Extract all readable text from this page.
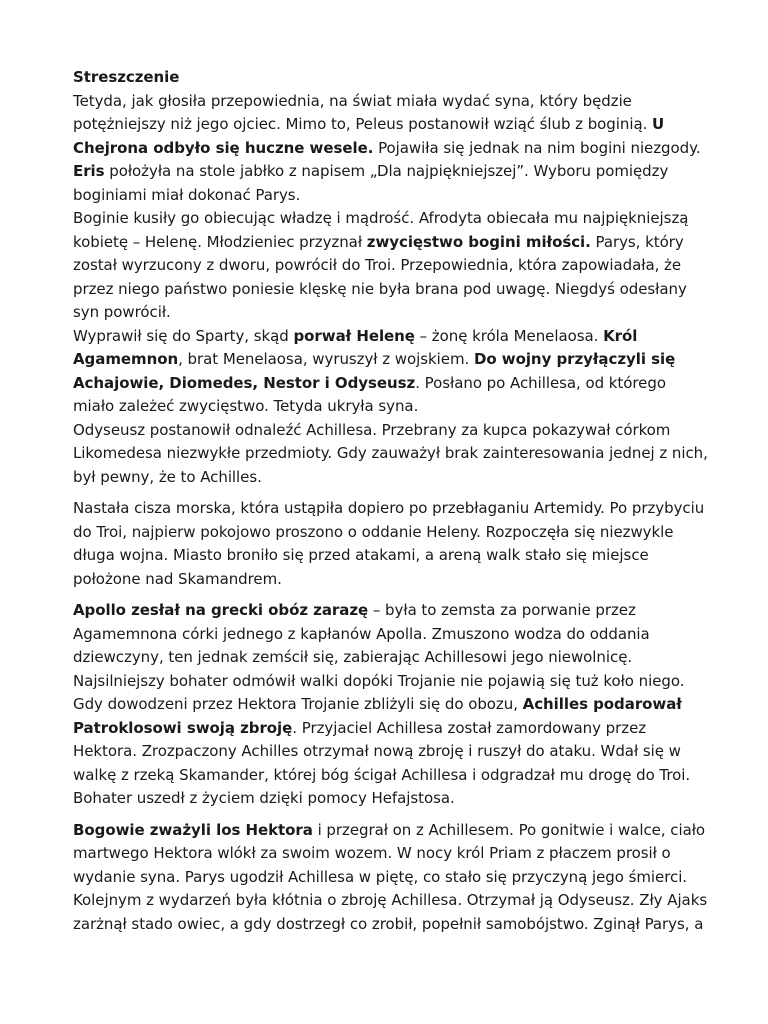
Streszczenie

Tetyda, jak głosiła przepowiednia, na świat miała wydać syna, który będzie potężniejszy niż jego ojciec. Mimo to, Peleus postanowił wziąć ślub z boginią. U Chejrona odbyło się huczne wesele. Pojawiła się jednak na nim bogini niezgody. Eris położyła na stole jabłko z napisem „Dla najpiękniejszej”. Wyboru pomiędzy boginiami miał dokonać Parys.

Boginie kusiły go obiecując władzę i mądrość. Afrodyta obiecała mu najpiękniejszą kobietę – Helenę. Młodzieniec przyznał zwycięstwo bogini miłości. Parys, który został wyrzucony z dworu, powrócił do Troi. Przepowiednia, która zapowiadała, że przez niego państwo poniesie klęskę nie była brana pod uwagę. Niegdyś odesłany syn powrócił.

Wyprawił się do Sparty, skąd porwał Helenę – żonę króla Menelaosa. Król Agamemnon, brat Menelaosa, wyruszył z wojskiem. Do wojny przyłączyli się Achajowie, Diomedes, Nestor i Odyseusz. Posłano po Achillesa, od którego miało zależeć zwycięstwo. Tetyda ukryła syna.

Odyseusz postanowił odnaleźć Achillesa. Przebrany za kupca pokazywał córkom Likomedesa niezwykłe przedmioty. Gdy zauważył brak zainteresowania jednej z nich, był pewny, że to Achilles.

Nastała cisza morska, która ustąpiła dopiero po przebłaganiu Artemidy. Po przybyciu do Troi, najpierw pokojowo proszono o oddanie Heleny. Rozpoczęła się niezwykle długa wojna. Miasto broniło się przed atakami, a areną walk stało się miejsce położone nad Skamandrem.

Apollo zesłał na grecki obóz zarazę – była to zemsta za porwanie przez Agamemnona córki jednego z kapłanów Apolla. Zmuszono wodza do oddania dziewczyny, ten jednak zemścił się, zabierając Achillesowi jego niewolnicę. Najsilniejszy bohater odmówił walki dopóki Trojanie nie pojawią się tuż koło niego. Gdy dowodzeni przez Hektora Trojanie zbliżyli się do obozu, Achilles podarował Patroklosowi swoją zbroję. Przyjaciel Achillesa został zamordowany przez Hektora. Zrozpaczony Achilles otrzymał nową zbroję i ruszył do ataku. Wdał się w walkę z rzeką Skamander, której bóg ścigał Achillesa i odgradzał mu drogę do Troi. Bohater uszedł z życiem dzięki pomocy Hefajstosa.

Bogowie zważyli los Hektora i przegrał on z Achillesem. Po gonitwie i walce, ciało martwego Hektora wlókł za swoim wozem. W nocy król Priam z płaczem prosił o wydanie syna. Parys ugodził Achillesa w piętę, co stało się przyczyną jego śmierci. Kolejnym z wydarzeń była kłótnia o zbroję Achillesa. Otrzymał ją Odyseusz. Zły Ajaks zarżnął stado owiec, a gdy dostrzegł co zrobił, popełnił samobójstwo. Zginął Parys, a
